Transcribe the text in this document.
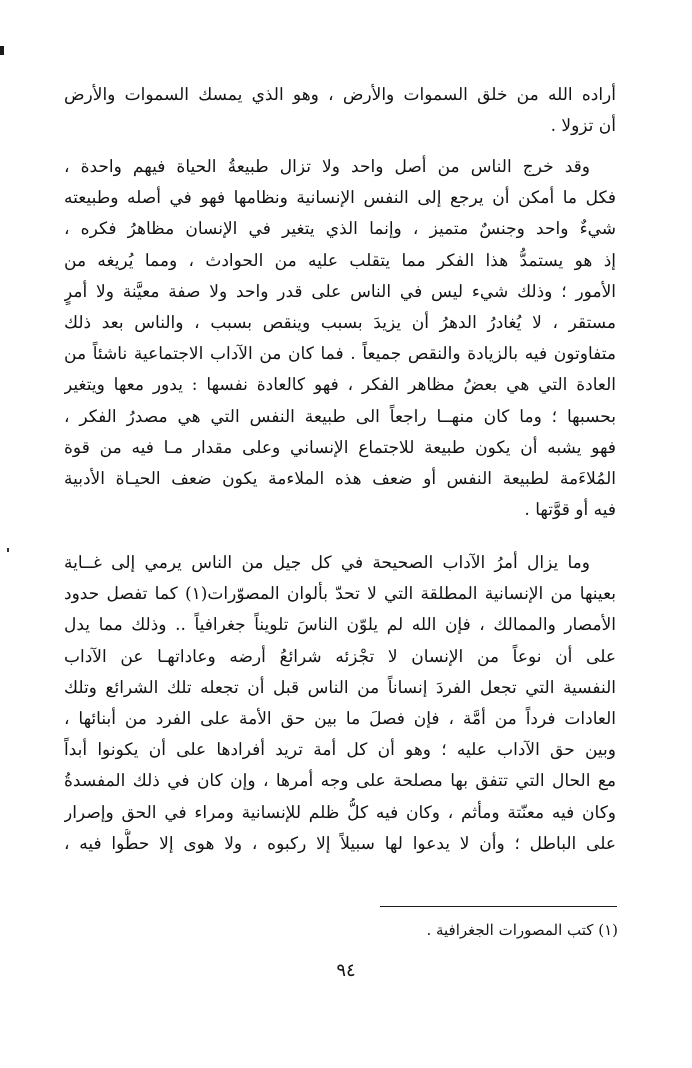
أراده الله من خلق السموات والأرض ، وهو الذي يمسك السموات والأرض
أن تزولا .
وقد خرج الناس من أصل واحد ولا تزال طبيعةُ الحياة فيهم واحدة ،
فكل ما أمكن أن يرجع إلى النفس الإنسانية ونظامها فهو في أصله وطبيعته
شيءٌ واحد وجنسٌ متميز ، وإنما الذي يتغير في الإنسان مظاهرُ فكره ،
إذ هو يستمدُّ هذا الفكر مما يتقلب عليه من الحوادث ، ومما يُريغه من
الأمور ؛ وذلك شيء ليس في الناس على قدر واحد ولا صفة معيَّنة ولا أمرٍ
مستقر ، لا يُغادرُ الدهرُ أن يزيدَ بسبب وينقص بسبب ، والناس بعد ذلك
متفاوتون فيه بالزيادة والنقص جميعاً . فما كان من الآداب الاجتماعية ناشئاً من
العادة التي هي بعضُ مظاهر الفكر ، فهو كالعادة نفسها : يدور معها ويتغير
بحسبها ؛ وما كان منهــا راجعاً الى طبيعة النفس التي هي مصدرُ الفكر ،
فهو يشبه أن يكون طبيعة للاجتماع الإنساني وعلى مقدار مـا فيه من قوة
المُلاءَمة لطبيعة النفس أو ضعف هذه الملاءمة يكون ضعف الحيـاة الأدبية
فيه أو قوَّتها .
وما يزال أمرُ الآداب الصحيحة في كل جيل من الناس يرمي إلى غــاية
بعينها من الإنسانية المطلقة التي لا تحدّ بألوان المصوّرات(١) كما تفصل حدود
الأمصار والممالك ، فإن الله لم يلوّن الناسَ تلويناً جغرافياً .. وذلك مما يدل
على أن نوعاً من الإنسان لا تجْزئه شرائعُ أرضه وعاداتهـا عن الآداب
النفسية التي تجعل الفردَ إنساناً من الناس قبل أن تجعله تلك الشرائع وتلك
العادات فرداً من أمَّة ، فإن فصلَ ما بين حق الأمة على الفرد من أبنائها ،
وبين حق الآداب عليه ؛ وهو أن كل أمة تريد أفرادها على أن يكونوا أبداً
مع الحال التي تتفق بها مصلحة على وجه أمرها ، وإن كان في ذلك المفسدةُ
وكان فيه معنّتة ومأثم ، وكان فيه كلُّ ظلم للإنسانية ومراء في الحق وإصرار
على الباطل ؛ وأن لا يدعوا لها سبيلاً إلا ركبوه ، ولا هوى إلا حطُّوا فيه ،
(١) كتب المصورات الجغرافية .
٩٤
